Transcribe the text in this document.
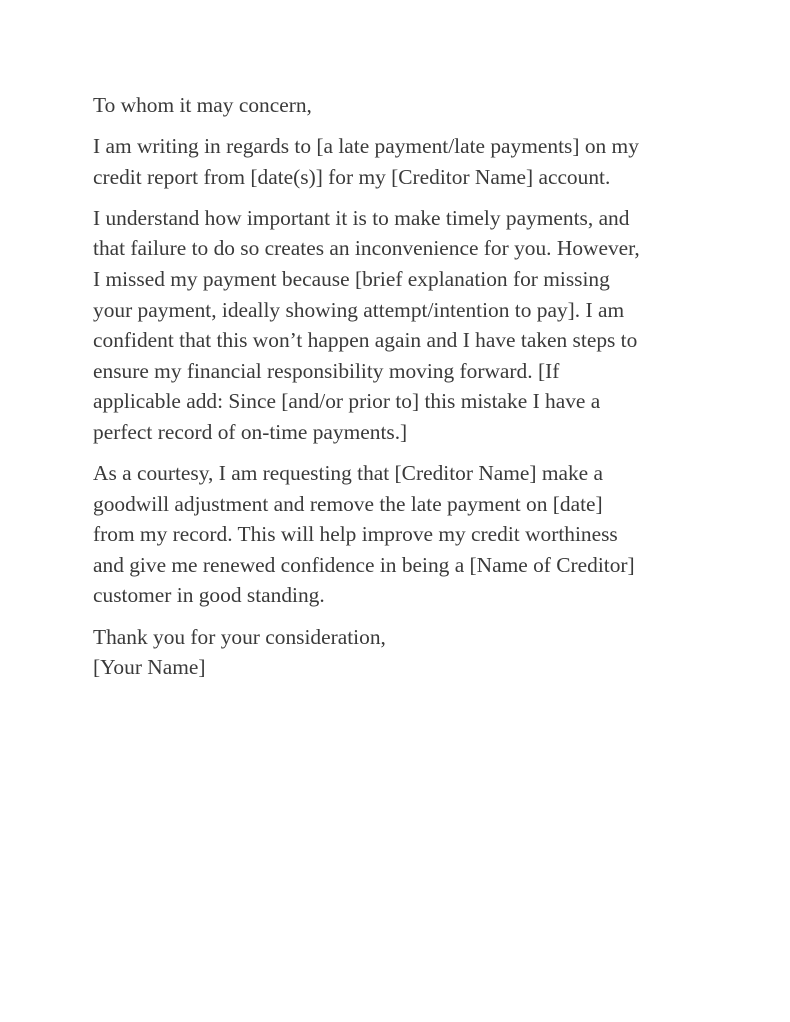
To whom it may concern,

I am writing in regards to [a late payment/late payments] on my
credit report from [date(s)] for my [Creditor Name] account.

I understand how important it is to make timely payments, and
that failure to do so creates an inconvenience for you. However,
I missed my payment because [brief explanation for missing
your payment, ideally showing attempt/intention to pay]. I am
confident that this won’t happen again and I have taken steps to
ensure my financial responsibility moving forward. [If
applicable add: Since [and/or prior to] this mistake I have a
perfect record of on-time payments.]

As a courtesy, I am requesting that [Creditor Name] make a
goodwill adjustment and remove the late payment on [date]
from my record. This will help improve my credit worthiness
and give me renewed confidence in being a [Name of Creditor]
customer in good standing.

Thank you for your consideration,
[Your Name]
